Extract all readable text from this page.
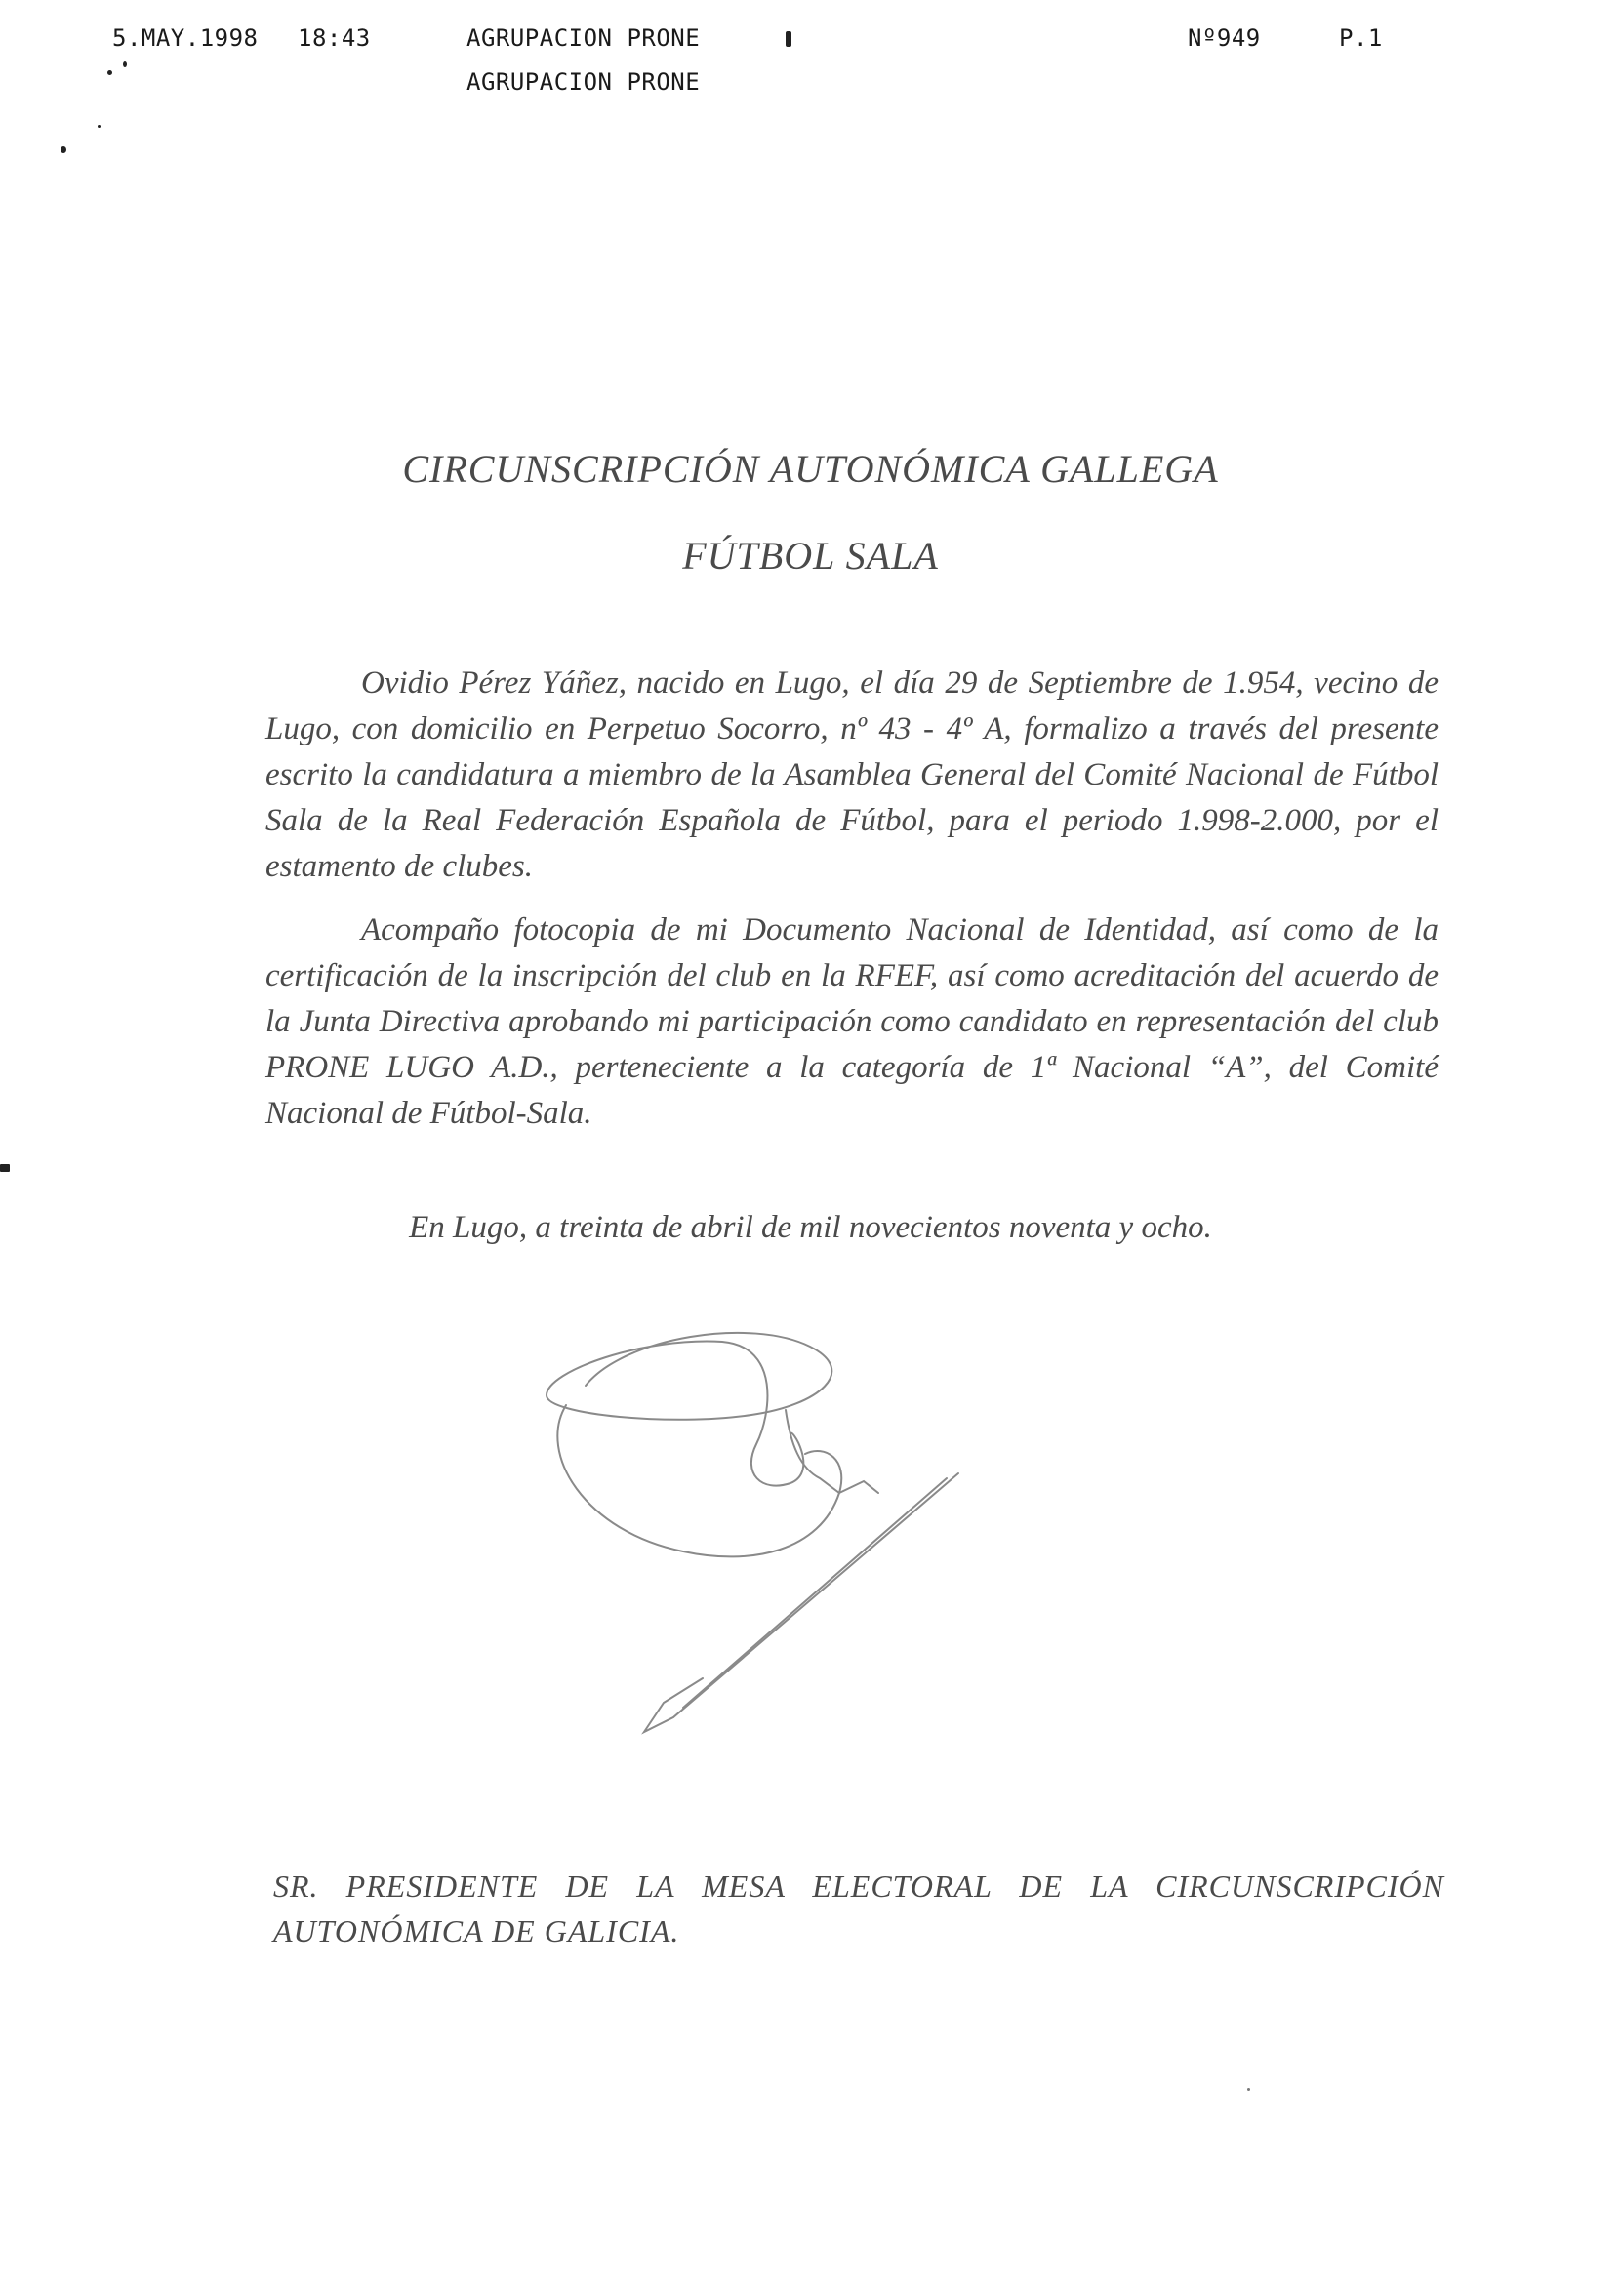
5.MAY.1998 18:43	AGRUPACION PRONE
AGRUPACION PRONE
Nº949	P.1
CIRCUNSCRIPCIÓN AUTONÓMICA GALLEGA
FÚTBOL SALA

Ovidio Pérez Yáñez, nacido en Lugo, el día 29 de Septiembre de 1.954, vecino de Lugo, con domicilio en Perpetuo Socorro, nº 43 - 4º A, formalizo a través del presente escrito la candidatura a miembro de la Asamblea General del Comité Nacional de Fútbol Sala de la Real Federación Española de Fútbol, para el periodo 1.998-2.000, por el estamento de clubes.

Acompaño fotocopia de mi Documento Nacional de Identidad, así como de la certificación de la inscripción del club en la RFEF, así como acreditación del acuerdo de la Junta Directiva aprobando mi participación como candidato en representación del club PRONE LUGO A.D., perteneciente a la categoría de 1ª Nacional “A”, del Comité Nacional de Fútbol-Sala.

En Lugo, a treinta de abril de mil novecientos noventa y ocho.
SR. PRESIDENTE DE LA MESA ELECTORAL DE LA CIRCUNSCRIPCIÓN AUTONÓMICA DE GALICIA.
